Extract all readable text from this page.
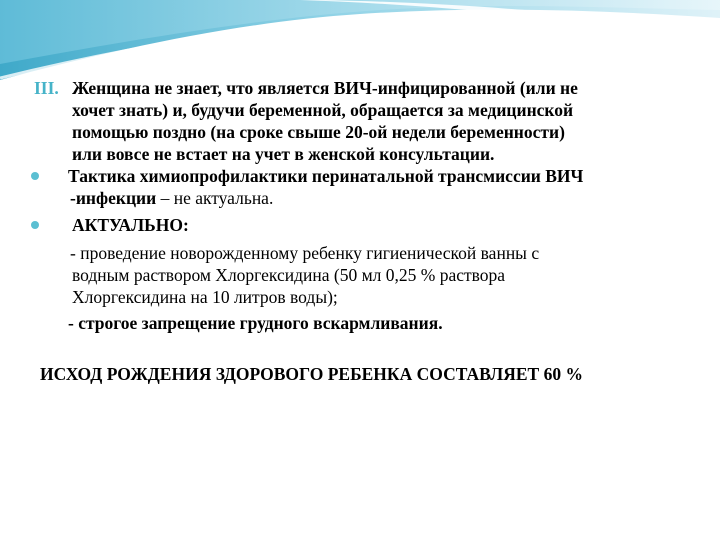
III. Женщина не знает, что является ВИЧ-инфицированной (или не
хочет знать) и, будучи беременной, обращается за медицинской
помощью поздно (на сроке свыше 20-ой недели беременности)
или вовсе не встает на учет в женской консультации.
Тактика химиопрофилактики перинатальной трансмиссии ВИЧ
-инфекции – не актуальна.
АКТУАЛЬНО:
- проведение новорожденному ребенку гигиенической ванны с
водным раствором Хлоргексидина (50 мл 0,25 % раствора
Хлоргексидина на 10 литров воды);
- строгое запрещение грудного вскармливания.
ИСХОД РОЖДЕНИЯ ЗДОРОВОГО РЕБЕНКА СОСТАВЛЯЕТ 60 %
